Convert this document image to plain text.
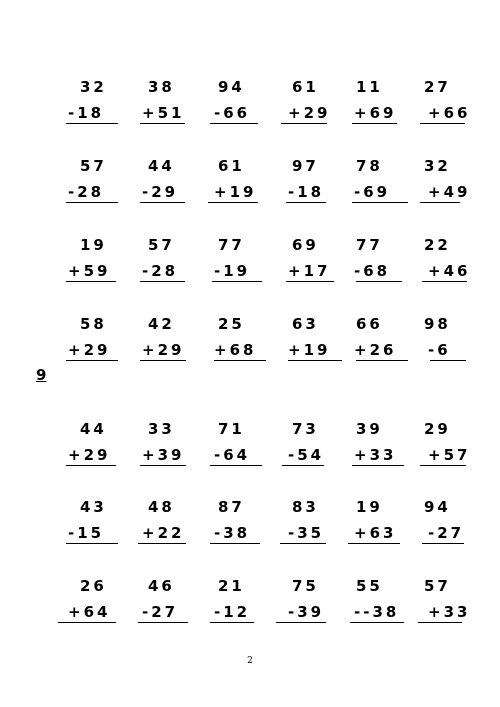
32
-18
38
+51
94
-66
61
+29
11
+69
27
+66
57
-28
44
-29
61
+19
97
-18
78
-69
32
+49
19
+59
57
-28
77
-19
69
+17
77
-68
22
+46
58
+29
42
+29
25
+68
63
+19
66
+26
98
-6
44
+29
33
+39
71
-64
73
-54
39
+33
29
+57
43
-15
48
+22
87
-38
83
-35
19
+63
94
-27
26
+64
46
-27
21
-12
75
-39
55
--38
57
+33
9
2
